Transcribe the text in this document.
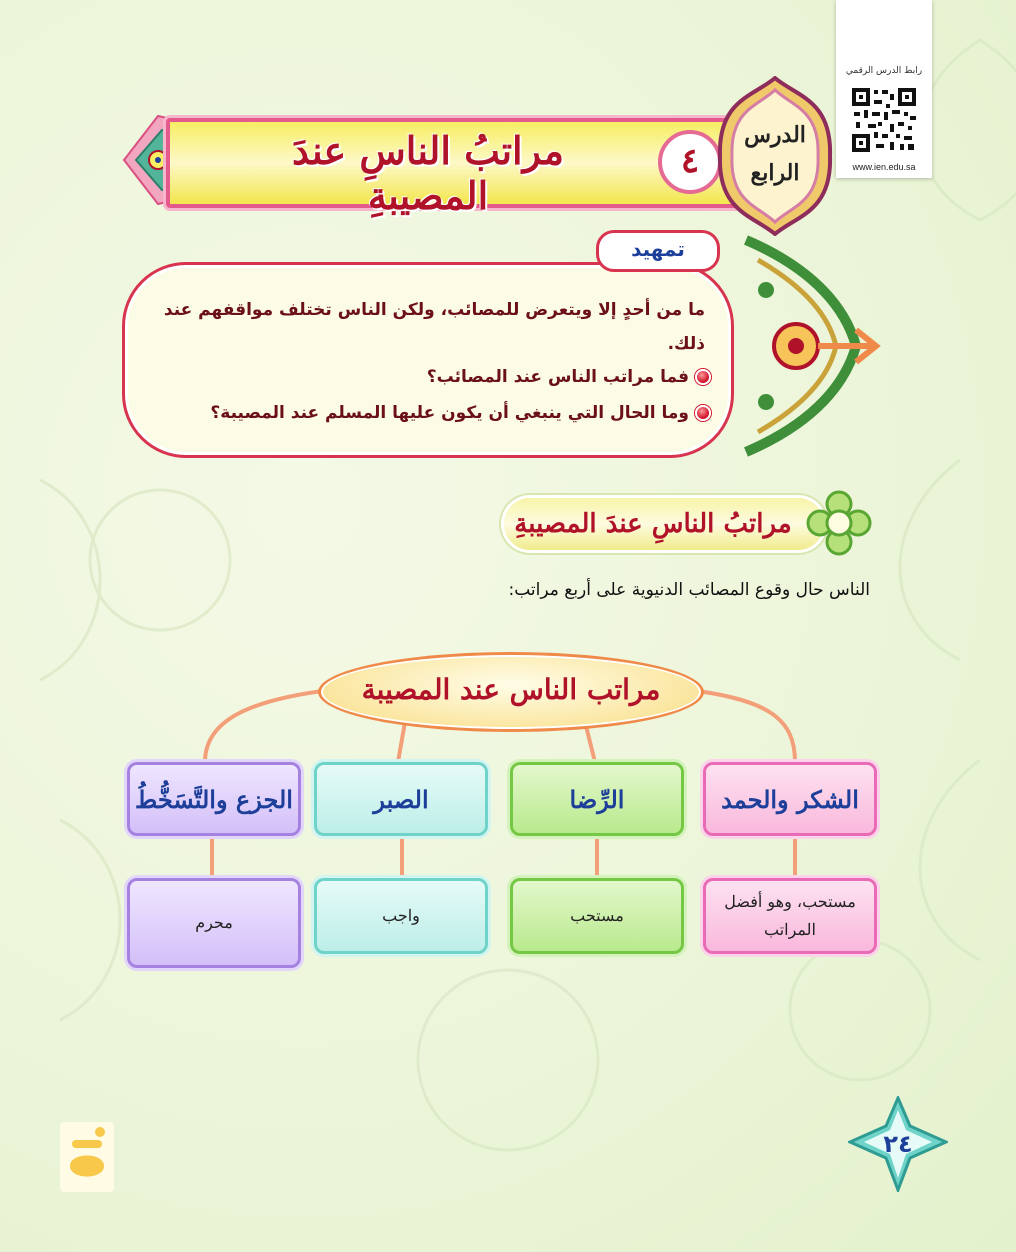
رابط الدرس الرقمي
www.ien.edu.sa
مراتبُ الناسِ عندَ المصيبةِ
٤
الدرس
الرابع
ما من أحدٍ إلا ويتعرض للمصائب، ولكن الناس تختلف مواقفهم عند ذلك.
فما مراتب الناس عند المصائب؟
وما الحال التي ينبغي أن يكون عليها المسلم عند المصيبة؟
تمهيد
مراتبُ الناسِ عندَ المصيبةِ
الناس حال وقوع المصائب الدنيوية على أربع مراتب:
مراتب الناس عند المصيبة
الشكر والحمد
الرِّضا
الصبر
الجزع والتَّسَخُّطُ
مستحب، وهو أفضل المراتب
مستحب
واجب
محرم
٢٤
